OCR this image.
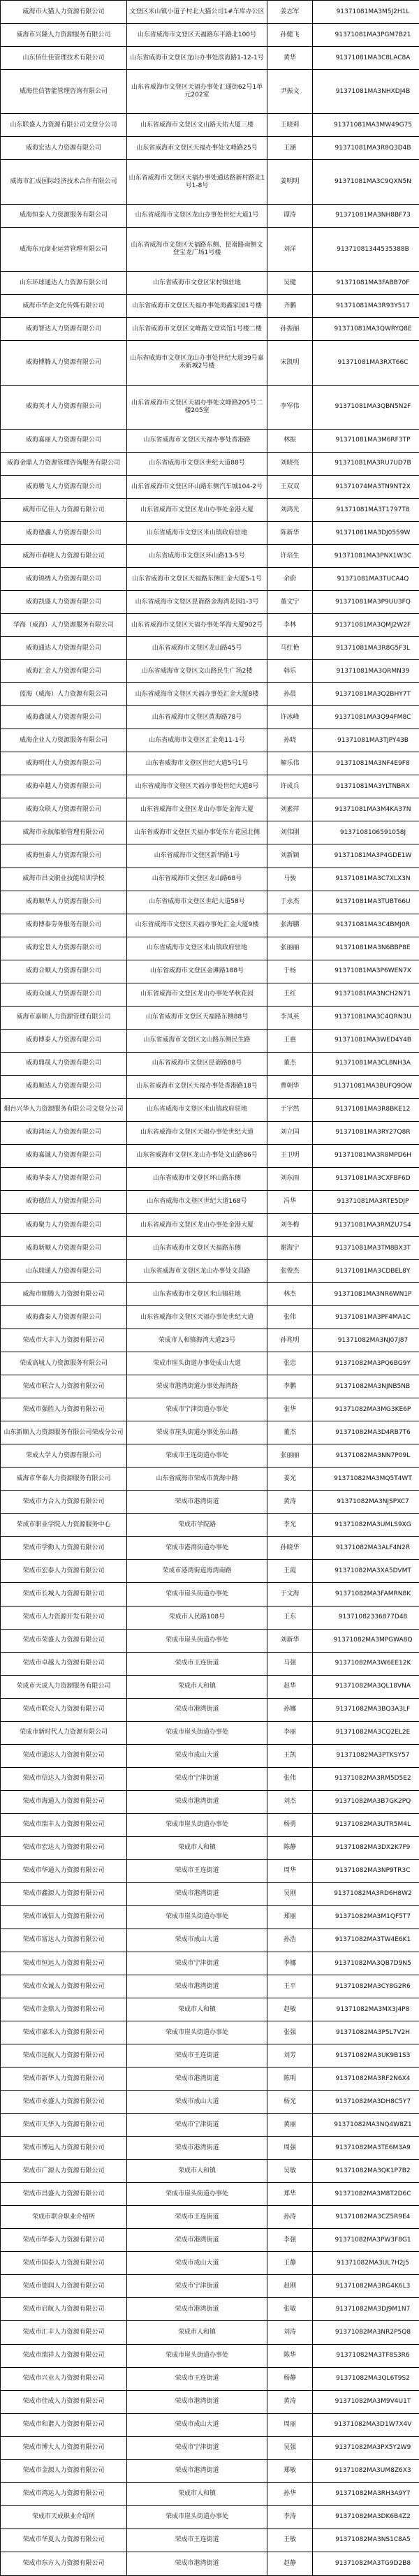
威海市大猫人力资源有限公司	文登区米山镇小道子村北大猫公司1#车库办公区	姜志军	91371081MA3M5J2H1L
威海市兴隆人力资源服务有限公司	山东省威海市文登区天福路东平路北100号	孙健飞	91371081MA3PGM7B21
山东佰仕佳管理技术有限公司	山东省威海市文登区龙山办事处滨海路1-12-1号	黄华	91371081MA3C8LAC8A
威海佳信智能管理咨询有限公司	山东省威海市文登区天福办事处汇通街62号1单元202室	尹振文	91371081MA3NHXDJ4B
山东联盛人力资源有限公司文登分公司	山东省威海市文登区文山路天佑大厦三楼	王晓莉	91371081MA3MW49G75
威海宏达人力资源有限公司	山东省威海市文登区天福办事处文峰路25号	王涵	91371081MA3R8Q3D4B
威海市汇成国际经济技术合作有限公司	山东省威海市文登区天福办事处通达路新村路北1号1-8号	姜明明	91371081MA3C9QXN5N
威海恒泰人力资源服务有限公司	山东省威海市文登区龙山办事处世纪大道1号	谭涛	91371081MA3NH8BF73
威海东元商业运营管理有限公司	山东省威海市文登区天福路东侧、昆嵛路南侧文登宝龙广场1号楼	刘洋	91371081344535388B
山东环球通达人力资源有限公司	山东省威海市文登区宋村镇驻地	吴健	91371081MA3FABB70F
威海市华企文化传媒有限公司	山东省威海市文登区天福办事处海鑫家园1号楼	齐鹏	91371081MA3R93Y517
威海智达人力资源有限公司	山东省威海市文登区文峰路文登宾馆1号楼二楼	孙振丽	91371081MA3QWRYQ8E
威海博腾人力资源有限公司	山东省威海市文登区龙山办事处世纪大道39号嘉禾新城2号楼	宋凯明	91371081MA3RXT66C
威海英才人力资源有限公司	山东省威海市文登区天福办事处文峰路205号二楼205室	李军伟	91371081MA3QBN5N2F
威海嘉丽人力资源有限公司	山东省威海市文登区天福办事处香港路	林振	91371081MA3M6RF3TP
威海金鼎人力资源管理咨询服务有限公司	山东省威海市文登区世纪大道88号	刘晓亮	91371081MA3RU7UD7B
威海腾飞人力资源有限公司	山东省威海市文登区环山路东侧汽车城104-2号	王双双	91371074MA3TN9NT2X
威海市亿佳人力资源有限公司	山东省威海市文登区龙山办事处金港大厦	刘鸿光	91371081MA3T1797T8
威海德鑫人力资源有限公司	山东省威海市文登区米山镇政府驻地	陈新华	91371081MA3DJ0559W
威海市春晓人力资源有限公司	山东省威海市文登区环山路13-5号	许培生	91371081MA3PNX1W3C
威海锦绣人力资源有限公司	山东省威海市文登区天福路东侧汇金大厦5-1号	余蔚	91371081MA3TUCA4Q
威海凯盛人力资源有限公司	山东省威海市文登区昆嵛路金海湾花园1-3号	董文宁	91371081MA3P9UU3FQ
华海（威海）人力资源服务有限公司	山东省威海市文登区天福办事处华海大厦902号	李林	91371081MA3QMJ2W2F
威海通达人力资源有限公司	山东省威海市文登区龙山路45号	马红艳	91371081MA3R8G5F3L
威海汇金人力资源有限公司	山东省威海市文登区文山路民生广场2楼	韩乐	91371081MA3QRMN39
蓝海（威海）人力资源有限公司	山东省威海市文登区天福办事处汇金大厦8楼	孙晨	91371081MA3Q2BHY7T
威海鑫诚人力资源有限公司	山东省威海市文登区黄海路78号	许冰峰	91371081MA3Q94FM8C
威海企业人力资源服务有限公司	山东省威海市文登区汇金苑11-1号	孙晓	91371081MA3TJPY43B
威海明仕人力资源有限公司	山东省威海市文登区世纪大道5号1号	解乐伟	91371081MA3NF4E9F8
威海卓越人力资源有限公司	山东省威海市文登区天福办事处世纪大道8号	许成兵	91371081MA3YLTNBRX
威海众联人力资源有限公司	山东省威海市文登区龙山办事处金海大厦	刘素萍	91371081MA3M4KA37N
威海市永航船舶管理有限公司	山东省威海市文登区天福办事处东方花园北侧	刘伟刚	9137108106591058J
威海恒泰人力资源有限公司	山东省威海市文登区新华路1号	刘新颖	91371081MA3P4GDE1W
威海市昌文职业技能培训学校	山东省威海市文登区龙山路68号	马骏	91371081MA3C7XLX3N
威海顺华人力资源有限公司	山东省威海市文登区世纪大道58号	于永杰	91371081MA3TUBT66U
威海博泰劳务服务有限公司	山东省威海市文登区天福办事处汇金大厦9楼	张海鹏	91371081MA3C4BMJ0R
威海宏景人力资源有限公司	山东省威海市文登区米山镇政府驻地	张丽丽	91371081MA3N6BBP8E
威海合顺人力资源有限公司	山东省威海市文登区金滩路188号	于杨	91371081MA3P6WEN7X
威海众诚人力资源有限公司	山东省威海市文登区龙山办事处华秋花园	王红	91371081MA3NCH2N71
威海市嘉顺人力资源管理有限公司	山东省威海市文登区天福路东侧88号	李凤英	91371081MA3C4QRN3U
威海博泰人力资源有限公司	山东省威海市文登区文山路东侧民生路	王惠	91371081MA3WED4Y4B
威海鼎晟人力资源有限公司	山东省威海市文登区昆嵛路88号	董杰	91371081MA3CL8NH3A
威海顺达人力资源有限公司	山东省威海市文登区天福办事处香港路18号	曹朝华	91371081MA3BUFQ9QW
烟台兴华人力资源服务有限公司文登分公司	山东省威海市文登区米山镇政府驻地	于宇然	91371081MA3R8BKE12
威海鸿运人力资源有限公司	山东省威海市文登区天福办事处世纪大道	刘立国	91371081MA3RY27Q8R
威海嘉诚人力资源有限公司	山东省威海市文登区龙山办事处文山路86号	王卫明	91371081MA3R8MPD6H
威海华泰人力资源有限公司	山东省威海市文登区环山路东侧	刘东雨	91371081MA3CXFBF6D
威海德信人力资源有限公司	山东省威海市文登区世纪大道168号	冯华	91371081MA3RTE5DJP
威海聚力人力资源有限公司	山东省威海市文登区龙山办事处金港大厦	刘冬梅	91371081MA3RMZU7S4
威海新顺人力资源有限公司	山东省威海市文登区天福路东侧	谢海宁	91371081MA3TM8BX3T
山东瑞通人力资源有限公司	山东省威海市文登区龙山办事处文昌路	张俊杰	91371081MA3CDBEL8Y
威海市顺腾人力资源有限公司	山东省威海市文登区米山镇驻地	林杰	91371081MA3NR6WN1P
威海鑫泰人力资源有限公司	山东省威海市文登区天福办事处世纪大道	张伟	91371081MA3PF4MA1C
荣成市大丰人力资源有限公司	荣成市人和镇海湾大道23号	孙兆明	91371082MA3NJ07J87
荣成高城人力资源服务有限公司	荣成市崖头街道办事处成山大道	张忠	91371082MA3PQ6BG9Y
荣成市联合人力资源有限公司	荣成市港湾街道办事处海湾路	李鹏	91371082MA3NJNB5NB
荣成市强胜人力资源有限公司	荣成市宁津街道办事处	张华	91371082MA3MG3KE6P
山东新顺人力资源服务有限公司荣成分公司	荣成市崖头街道办事处东山路	董杰	91371082MA3D4RB7T6
荣成大学人力资源有限公司	荣成市王连街道办事处	张丽丽	91371082MA3NN7P09L
威海市华泰人力资源服务有限公司	山东省威海市荣成市黄海中路	姜光	91371082MA3MQ5T4WT
荣成市力合人力资源有限公司	荣成市港湾街道	黄涛	91371082MA3NJSPXC7
荣成市职业学院人力资源服务中心	荣成市学院路	李光	91371082MA3UMLS9XG
荣成市学勤人力资源有限公司	荣成市港湾街道办事处	孙晓华	91371082MA3ALF4N2R
荣成市宏泰人力资源有限公司	荣成市港湾街道海湾南路	王霞	91371082MA3XA5DVMT
荣成市长城人力资源有限公司	荣成市崖头街道办事处	于文海	91371082MA3FAMRN8K
荣成市人力资源开发有限公司	荣成市人民路108号	王东	91371082336877D48
荣成市荣盛人力资源有限公司	荣成市崖头街道办事处	刘新华	91371082MA3MPGWA8Q
荣成市卓越人力资源有限公司	荣成市王连街道	马强	91371082MA3W6EE12K
荣成市天成人力资源服务有限公司	荣成市人和镇	赵华	91371082MA3QL18VNA
荣成市联众人力资源有限公司	荣成市港湾街道	孙娜	91371082MA3BQ3A3LF
荣成市新时代人力资源有限公司	荣成市崖头街道办事处	李丽	91371082MA3CQ2EL2E
荣成市通达人力资源有限公司	荣成市成山大道	王凯	91371082MA3PTKSY57
荣成市信达人力资源有限公司	荣成市宁津街道	张伟	91371082MA3RM5D5E2
荣成市海通人力资源有限公司	荣成市港湾街道	刘杰	91371082MA3B7GK2PQ
荣成市瑞丰人力资源有限公司	荣成市崖头街道办事处	杨勇	91371082MA3UTR5M4L
荣成市宏达人力资源有限公司	荣成市人和镇	陈静	91371082MA3DX2K7F9
荣成市华通人力资源有限公司	荣成市王连街道	周华	91371082MA3NP9TR3C
荣成市鑫源人力资源有限公司	荣成市港湾街道	吴刚	91371082MA3RD6H8W2
荣成市诚信人力资源有限公司	荣成市崖头街道办事处	郑丽	91371082MA3M1QF5T7
荣成市富达人力资源有限公司	荣成市成山大道	孙浩	91371082MA3TW4E6K1
荣成市恒远人力资源有限公司	荣成市宁津街道	李娜	91371082MA3QB7D9N5
荣成市众诚人力资源有限公司	荣成市港湾街道	王平	91371082MA3CY8G2R6
荣成市金鼎人力资源有限公司	荣成市人和镇	赵敏	91371082MA3MX3J4P8
荣成市嘉禾人力资源有限公司	荣成市崖头街道办事处	张强	91371082MA3P5L7V2H
荣成市远航人力资源有限公司	荣成市王连街道	刘芳	91371082MA3UK9B1S3
荣成市新华人力资源有限公司	荣成市港湾街道	陈明	91371082MA3RF2N6X4
荣成市永盛人力资源有限公司	荣成市成山大道	杨光	91371082MA3DH8C5Y7
荣成市天华人力资源有限公司	荣成市宁津街道	黄丽	91371082MA3NQ4W8Z1
荣成市博远人力资源有限公司	荣成市港湾街道	周强	91371082MA3TE6M3A9
荣成市广源人力资源有限公司	荣成市人和镇	吴敏	91371082MA3QK1P7B2
荣成市昌盛人力资源有限公司	荣成市崖头街道办事处	郑华	91371082MA3M8T2D6C
荣成市联合职业介绍所	荣成市王连街道	孙涛	91371082MA3CZ5R9E4
荣成市华泰人力资源有限公司	荣成市港湾街道	李强	91371082MA3PW3F8G1
荣成市国泰人力资源有限公司	荣成市成山大道	王静	91371082MA3UL7H2J5
荣成市德润人力资源有限公司	荣成市宁津街道	赵刚	91371082MA3RG4K6L3
荣成市启航人力资源有限公司	荣成市港湾街道	张敏	91371082MA3DJ9M1N7
荣成市汇丰人力资源有限公司	荣成市人和镇	刘涛	91371082MA3NR2P5Q8
荣成市瑞祥人力资源有限公司	荣成市崖头街道办事处	陈华	91371082MA3TF8S3R6
荣成市兴业人力资源有限公司	荣成市王连街道	杨静	91371082MA3QL6T9S2
荣成市佳成人力资源有限公司	荣成市港湾街道	黄涛	91371082MA3M9V4U1T
荣成市和谐人力资源有限公司	荣成市成山大道	周丽	91371082MA3D1W7X4V
荣成市博大人力资源有限公司	荣成市宁津街道	吴强	91371082MA3PX5Y2W9
荣成市金源人力资源有限公司	荣成市港湾街道	郑敏	91371082MA3UM8Z6X3
荣成市鸿运人力资源有限公司	荣成市人和镇	孙华	91371082MA3RH3A9Y7
荣成市天成职业介绍所	荣成市崖头街道办事处	李涛	91371082MA3DK6B4Z2
荣成市华夏人力资源有限公司	荣成市王连街道	王敏	91371082MA3NS1C8A5
荣成市东方人力资源有限公司	荣成市港湾街道	赵静	91371082MA3TG9D2B8
